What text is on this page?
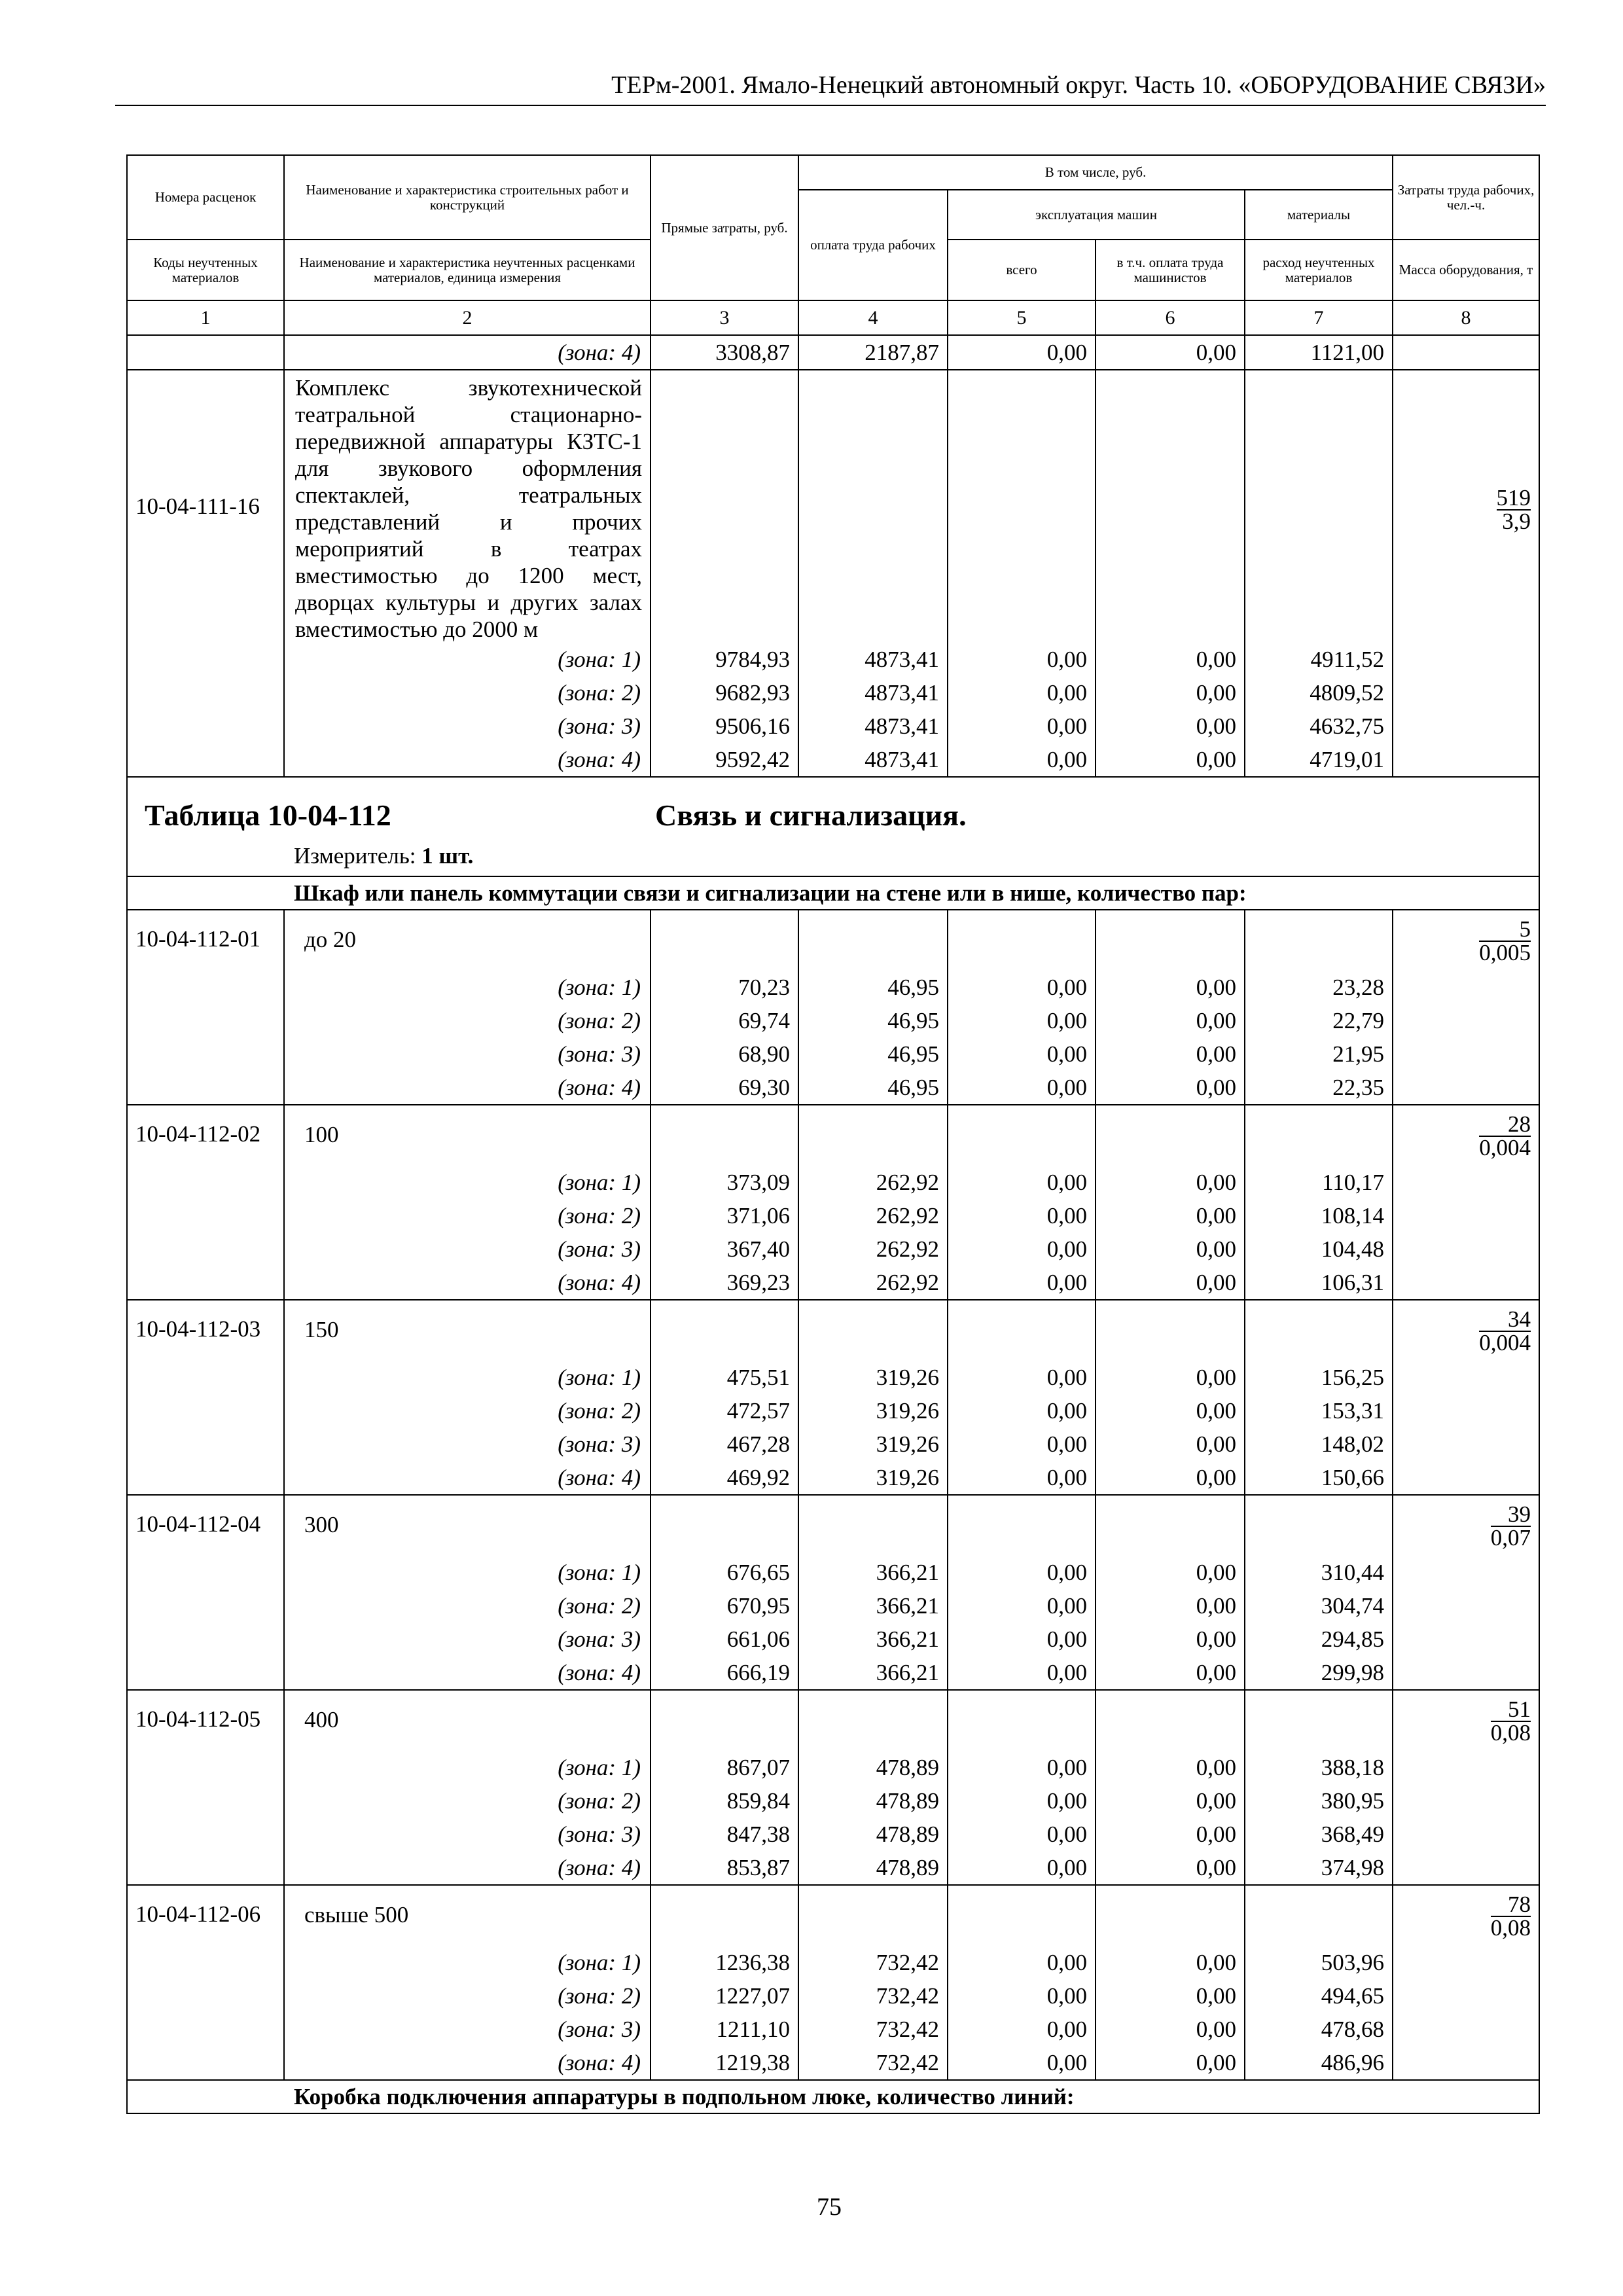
ТЕРм-2001. Ямало-Ненецкий автономный округ. Часть 10. «ОБОРУДОВАНИЕ СВЯЗИ»
Номера расценок	Наименование и характеристика строительных работ и конструкций	Прямые затраты, руб.	В том числе, руб.				Затраты труда рабочих, чел.-ч.
			оплата труда рабочих	эксплуатация машин		материалы	
Коды неучтенных материалов	Наименование и характеристика неучтенных расценками материалов, единица измерения			всего	в т.ч. оплата труда машинистов	расход неучтенных материалов	Масса оборудования, т
1	2	3	4	5	6	7	8
	(зона: 4)	3308,87	2187,87	0,00	0,00	1121,00	
10-04-111-16	Комплекс звукотехнической театральной стационарно-передвижной аппаратуры КЗТС-1 для звукового оформления спектаклей, театральных представлений и прочих мероприятий в театрах вместимостью до 1200 мест, дворцах культуры и других залах вместимостью до 2000 м						$\frac{519}{3,9}$

	(зона: 1)	9784,93	4873,41	0,00	0,00	4911,52	
	(зона: 2)	9682,93	4873,41	0,00	0,00	4809,52	
	(зона: 3)	9506,16	4873,41	0,00	0,00	4632,75	
	(зона: 4)	9592,42	4873,41	0,00	0,00	4719,01	

Таблица 10-04-112 Связь и сигнализация.
Измеритель: 1 шт.							

Шкаф или панель коммутации связи и сигнализации на стене или в нише, количество пар:							
10-04-112-01	до 20						$\frac{5}{0,005}$

	(зона: 1)	70,23	46,95	0,00	0,00	23,28	
	(зона: 2)	69,74	46,95	0,00	0,00	22,79	
	(зона: 3)	68,90	46,95	0,00	0,00	21,95	
	(зона: 4)	69,30	46,95	0,00	0,00	22,35	
10-04-112-02	100						$\frac{28}{0,004}$

	(зона: 1)	373,09	262,92	0,00	0,00	110,17	
	(зона: 2)	371,06	262,92	0,00	0,00	108,14	
	(зона: 3)	367,40	262,92	0,00	0,00	104,48	
	(зона: 4)	369,23	262,92	0,00	0,00	106,31	
10-04-112-03	150						$\frac{34}{0,004}$

	(зона: 1)	475,51	319,26	0,00	0,00	156,25	
	(зона: 2)	472,57	319,26	0,00	0,00	153,31	
	(зона: 3)	467,28	319,26	0,00	0,00	148,02	
	(зона: 4)	469,92	319,26	0,00	0,00	150,66	
10-04-112-04	300						$\frac{39}{0,07}$

	(зона: 1)	676,65	366,21	0,00	0,00	310,44	
	(зона: 2)	670,95	366,21	0,00	0,00	304,74	
	(зона: 3)	661,06	366,21	0,00	0,00	294,85	
	(зона: 4)	666,19	366,21	0,00	0,00	299,98	
10-04-112-05	400						$\frac{51}{0,08}$

	(зона: 1)	867,07	478,89	0,00	0,00	388,18	
	(зона: 2)	859,84	478,89	0,00	0,00	380,95	
	(зона: 3)	847,38	478,89	0,00	0,00	368,49	
	(зона: 4)	853,87	478,89	0,00	0,00	374,98	
10-04-112-06	свыше 500						$\frac{78}{0,08}$

	(зона: 1)	1236,38	732,42	0,00	0,00	503,96	
	(зона: 2)	1227,07	732,42	0,00	0,00	494,65	
	(зона: 3)	1211,10	732,42	0,00	0,00	478,68	
	(зона: 4)	1219,38	732,42	0,00	0,00	486,96	
Коробка подключения аппаратуры в подпольном люке, количество линий:							
75
